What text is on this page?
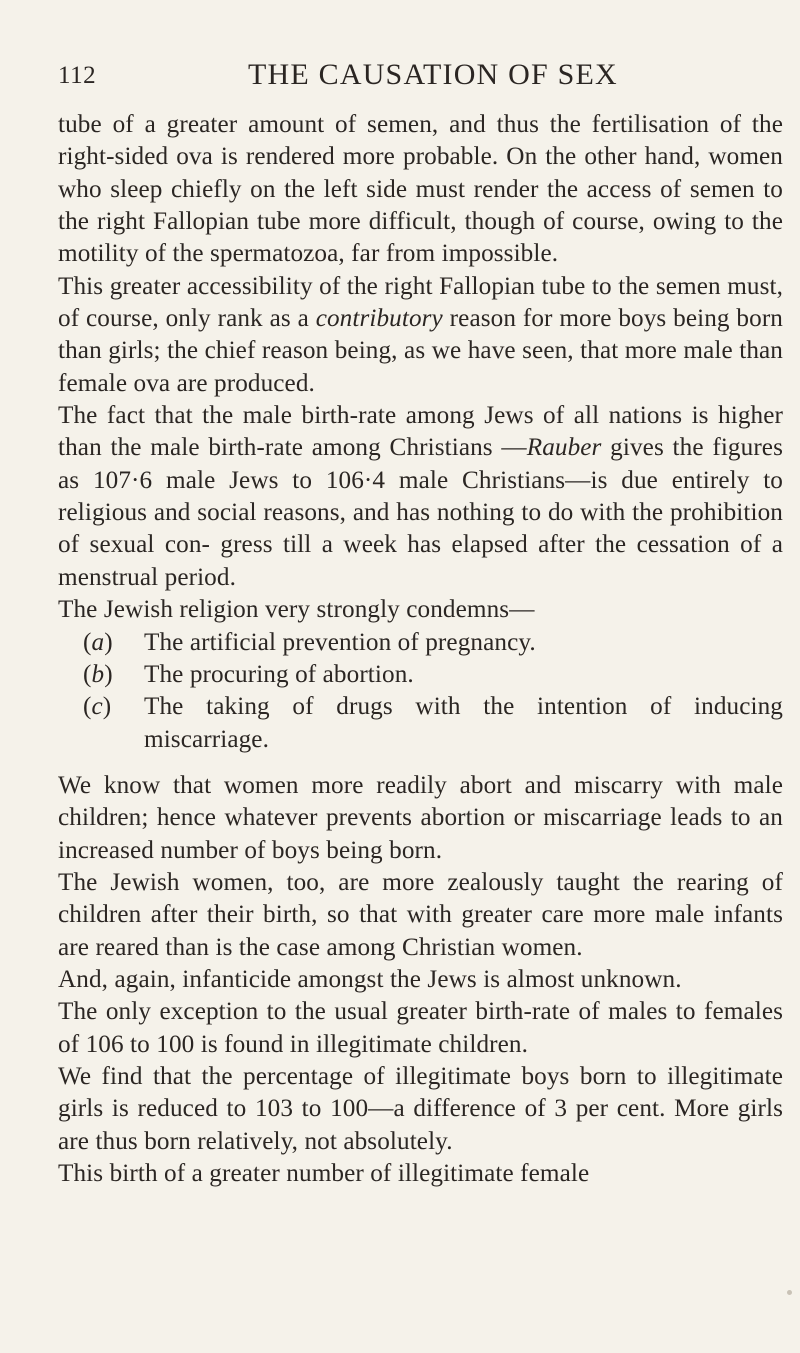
112	THE CAUSATION OF SEX

tube of a greater amount of semen, and thus the fertilisation of the right-sided ova is rendered more probable. On the other hand, women who sleep chiefly on the left side must render the access of semen to the right Fallopian tube more difficult, though of course, owing to the motility of the spermatozoa, far from impossible.

This greater accessibility of the right Fallopian tube to the semen must, of course, only rank as a contributory reason for more boys being born than girls; the chief reason being, as we have seen, that more male than female ova are produced.

The fact that the male birth-rate among Jews of all nations is higher than the male birth-rate among Christians —Rauber gives the figures as 107·6 male Jews to 106·4 male Christians—is due entirely to religious and social reasons, and has nothing to do with the prohibition of sexual con- gress till a week has elapsed after the cessation of a menstrual period.

The Jewish religion very strongly condemns—

(a) The artificial prevention of pregnancy.
(b) The procuring of abortion.
(c) The taking of drugs with the intention of inducing miscarriage.

We know that women more readily abort and miscarry with male children; hence whatever prevents abortion or miscarriage leads to an increased number of boys being born.

The Jewish women, too, are more zealously taught the rearing of children after their birth, so that with greater care more male infants are reared than is the case among Christian women.

And, again, infanticide amongst the Jews is almost unknown.

The only exception to the usual greater birth-rate of males to females of 106 to 100 is found in illegitimate children.

We find that the percentage of illegitimate boys born to illegitimate girls is reduced to 103 to 100—a difference of 3 per cent. More girls are thus born relatively, not absolutely.

This birth of a greater number of illegitimate female
